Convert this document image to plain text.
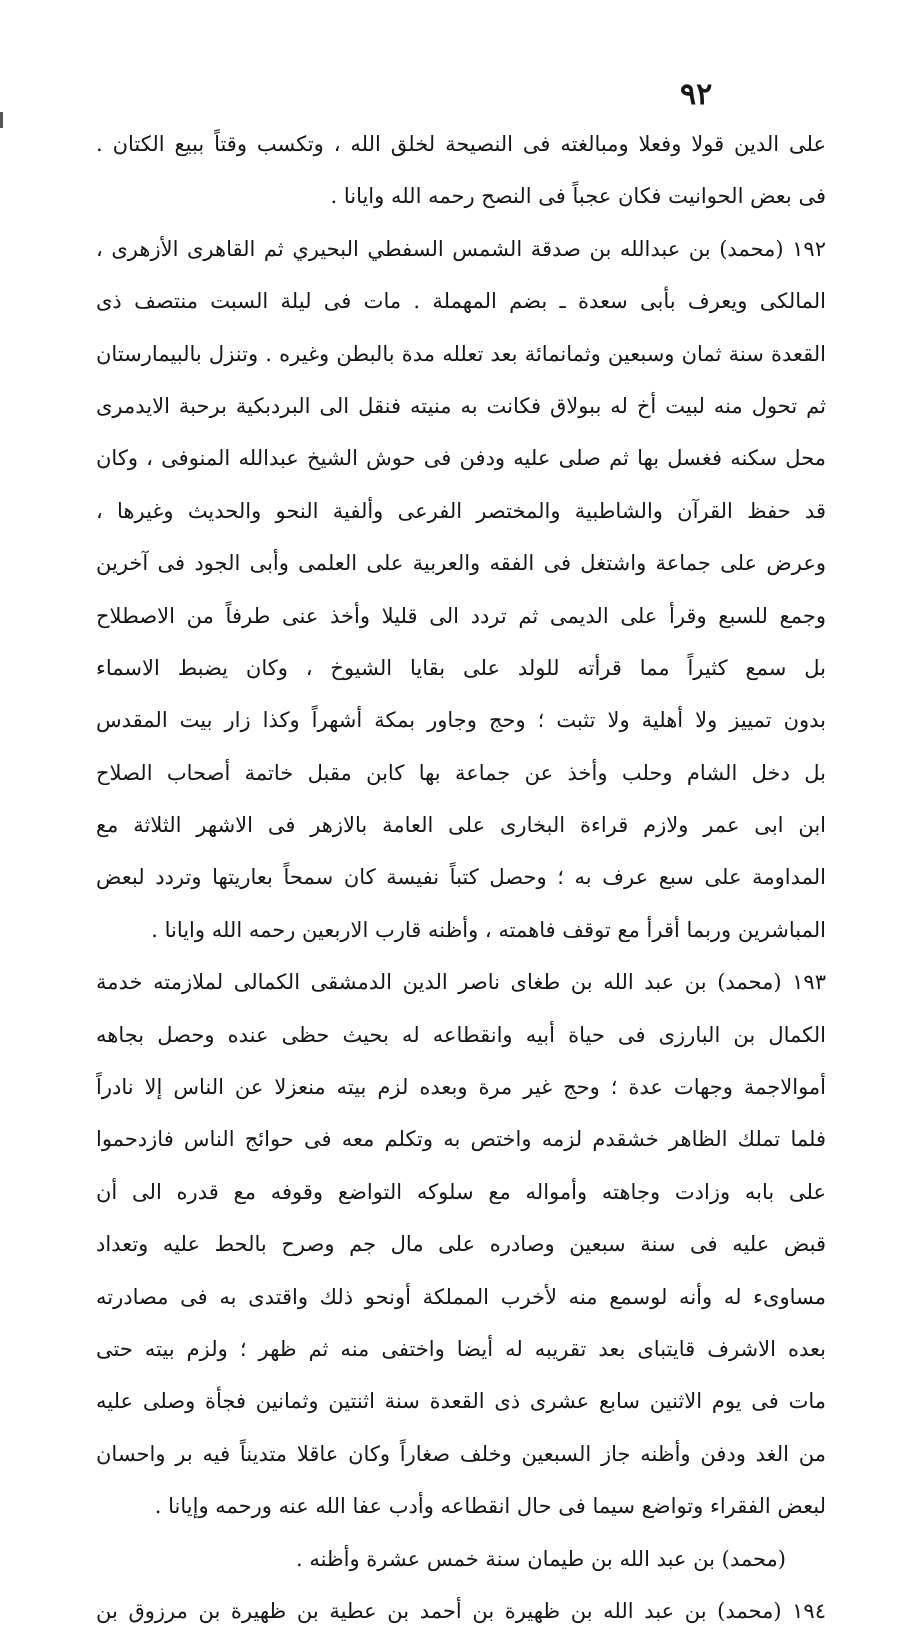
٩٢
على الدين قولا وفعلا ومبالغته فى النصيحة لخلق الله ، وتكسب وقتاً ببيع الكتان .
فى بعض الحوانيت فكان عجباً فى النصح رحمه الله وايانا .
١٩٢ (محمد) بن عبدالله بن صدقة الشمس السفطي البحيري ثم القاهرى الأزهرى ،
المالكى ويعرف بأبى سعدة ـ بضم المهملة . مات فى ليلة السبت منتصف ذى
القعدة سنة ثمان وسبعين وثمانمائة بعد تعلله مدة بالبطن وغيره . وتنزل بالبيمارستان
ثم تحول منه لبيت أخ له ببولاق فكانت به منيته فنقل الى البردبكية برحبة الايدمرى
محل سكنه فغسل بها ثم صلى عليه ودفن فى حوش الشيخ عبدالله المنوفى ، وكان
قد حفظ القرآن والشاطبية والمختصر الفرعى وألفية النحو والحديث وغيرها ،
وعرض على جماعة واشتغل فى الفقه والعربية على العلمى وأبى الجود فى آخرين
وجمع للسبع وقرأ على الديمى ثم تردد الى قليلا وأخذ عنى طرفاً من الاصطلاح
بل سمع كثيراً مما قرأته للولد على بقايا الشيوخ ، وكان يضبط الاسماء
بدون تمييز ولا أهلية ولا تثبت ؛ وحج وجاور بمكة أشهراً وكذا زار بيت المقدس
بل دخل الشام وحلب وأخذ عن جماعة بها كابن مقبل خاتمة أصحاب الصلاح
ابن ابى عمر ولازم قراءة البخارى على العامة بالازهر فى الاشهر الثلاثة مع
المداومة على سبع عرف به ؛ وحصل كتباً نفيسة كان سمحاً بعاريتها وتردد لبعض
المباشرين وربما أقرأ مع توقف فاهمته ، وأظنه قارب الاربعين رحمه الله وايانا .
١٩٣ (محمد) بن عبد الله بن طغاى ناصر الدين الدمشقى الكمالى لملازمته خدمة
الكمال بن البارزى فى حياة أبيه وانقطاعه له بحيث حظى عنده وحصل بجاهه
أموالاجمة وجهات عدة ؛ وحج غير مرة وبعده لزم بيته منعزلا عن الناس إلا نادراً
فلما تملك الظاهر خشقدم لزمه واختص به وتكلم معه فى حوائج الناس فازدحموا
على بابه وزادت وجاهته وأمواله مع سلوكه التواضع وقوفه مع قدره الى أن
قبض عليه فى سنة سبعين وصادره على مال جم وصرح بالحط عليه وتعداد
مساوىء له وأنه لوسمع منه لأخرب المملكة أونحو ذلك واقتدى به فى مصادرته
بعده الاشرف قايتباى بعد تقريبه له أيضا واختفى منه ثم ظهر ؛ ولزم بيته حتى
مات فى يوم الاثنين سابع عشرى ذى القعدة سنة اثنتين وثمانين فجأة وصلى عليه
من الغد ودفن وأظنه جاز السبعين وخلف صغاراً وكان عاقلا متديناً فيه بر واحسان
لبعض الفقراء وتواضع سيما فى حال انقطاعه وأدب عفا الله عنه ورحمه وإيانا .
(محمد) بن عبد الله بن طيمان سنة خمس عشرة وأظنه .
١٩٤ (محمد) بن عبد الله بن ظهيرة بن أحمد بن عطية بن ظهيرة بن مرزوق بن
